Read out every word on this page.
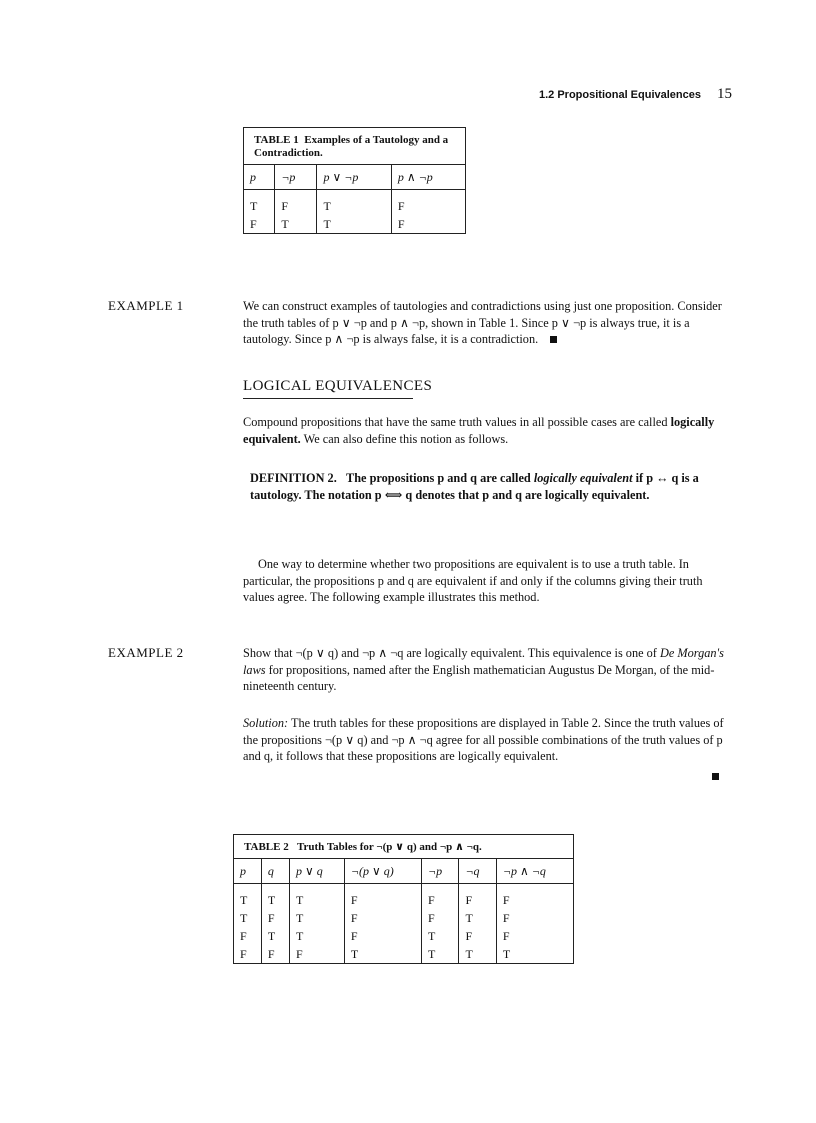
1.2 Propositional Equivalences 15
TABLE 1 Examples of a Tautology and a Contradiction.
p	¬p	p ∨ ¬p	p ∧ ¬p
T	F	T	F
F	T	T	F
EXAMPLE 1	We can construct examples of tautologies and contradictions using just one proposition. Consider the truth tables of p ∨ ¬p and p ∧ ¬p, shown in Table 1. Since p ∨ ¬p is always true, it is a tautology. Since p ∧ ¬p is always false, it is a contradiction.
LOGICAL EQUIVALENCES
Compound propositions that have the same truth values in all possible cases are called logically equivalent. We can also define this notion as follows.
DEFINITION 2. The propositions p and q are called logically equivalent if p ↔ q is a tautology. The notation p ⟺ q denotes that p and q are logically equivalent.
One way to determine whether two propositions are equivalent is to use a truth table. In particular, the propositions p and q are equivalent if and only if the columns giving their truth values agree. The following example illustrates this method.
EXAMPLE 2	Show that ¬(p ∨ q) and ¬p ∧ ¬q are logically equivalent. This equivalence is one of De Morgan's laws for propositions, named after the English mathematician Augustus De Morgan, of the mid-nineteenth century.
Solution: The truth tables for these propositions are displayed in Table 2. Since the truth values of the propositions ¬(p ∨ q) and ¬p ∧ ¬q agree for all possible combinations of the truth values of p and q, it follows that these propositions are logically equivalent.
TABLE 2 Truth Tables for ¬(p ∨ q) and ¬p ∧ ¬q.
p	q	p ∨ q	¬(p ∨ q)	¬p	¬q	¬p ∧ ¬q
T	T	T	F	F	F	F
T	F	T	F	F	T	F
F	T	T	F	T	F	F
F	F	F	T	T	T	T
